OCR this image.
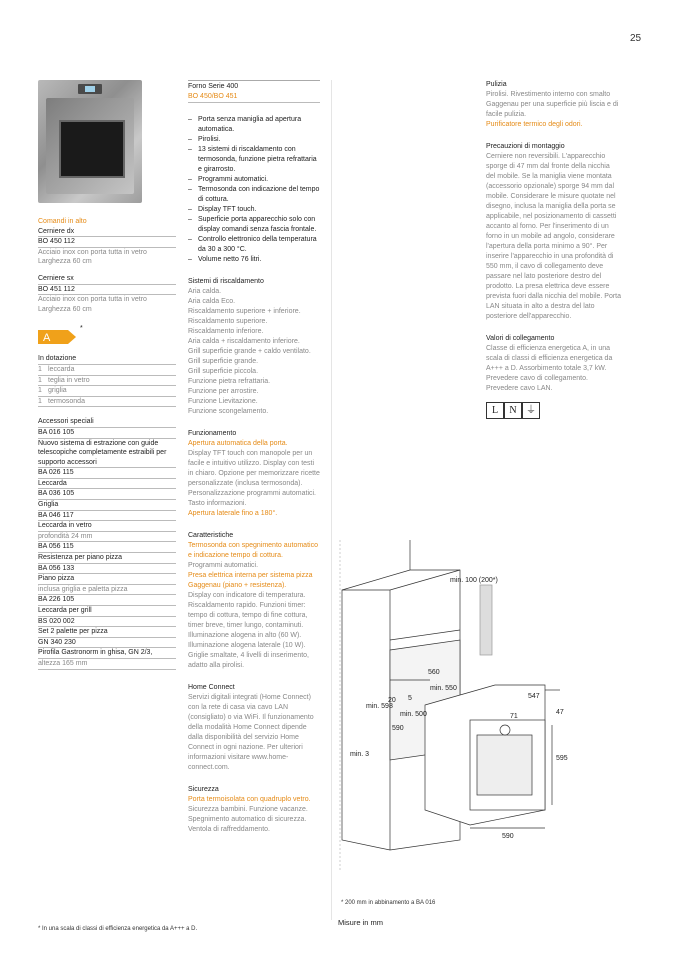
25
Comandi in alto
Cerniere dx
BO 450 112
Acciaio inox con porta tutta in vetro
Larghezza 60 cm
Cerniere sx
BO 451 112
Acciaio inox con porta tutta in vetro
Larghezza 60 cm
A
*
In dotazione
1 leccarda
1 teglia in vetro
1 griglia
1 termosonda
Accessori speciali
BA 016 105
Nuovo sistema di estrazione con guide telescopiche completamente estraibili per supporto accessori
BA 026 115
Leccarda
BA 036 105
Griglia
BA 046 117
Leccarda in vetro
profondità 24 mm
BA 056 115
Resistenza per piano pizza
BA 056 133
Piano pizza
inclusa griglia e paletta pizza
BA 226 105
Leccarda per grill
BS 020 002
Set 2 palette per pizza
GN 340 230
Pirofila Gastronorm in ghisa, GN 2/3,
altezza 165 mm
Forno Serie 400
BO 450/BO 451
– Porta senza maniglia ad apertura automatica.
– Pirolisi.
– 13 sistemi di riscaldamento con termosonda, funzione pietra refrattaria e girarrosto.
– Programmi automatici.
– Termosonda con indicazione del tempo di cottura.
– Display TFT touch.
– Superficie porta apparecchio solo con display comandi senza fascia frontale.
– Controllo elettronico della temperatura da 30 a 300 °C.
– Volume netto 76 litri.
Sistemi di riscaldamento
Aria calda.
Aria calda Eco.
Riscaldamento superiore + inferiore.
Riscaldamento superiore.
Riscaldamento inferiore.
Aria calda + riscaldamento inferiore.
Grill superficie grande + caldo ventilato.
Grill superficie grande.
Grill superficie piccola.
Funzione pietra refrattaria.
Funzione per arrostire.
Funzione Lievitazione.
Funzione scongelamento.
Funzionamento
Apertura automatica della porta.
Display TFT touch con manopole per un facile e intuitivo utilizzo. Display con testi in chiaro. Opzione per memorizzare ricette personalizzate (inclusa termosonda). Personalizzazione programmi automatici. Tasto informazioni.
Apertura laterale fino a 180°.
Caratteristiche
Termosonda con spegnimento automatico e indicazione tempo di cottura.
Programmi automatici.
Presa elettrica interna per sistema pizza Gaggenau (piano + resistenza).
Display con indicatore di temperatura. Riscaldamento rapido. Funzioni timer: tempo di cottura, tempo di fine cottura, timer breve, timer lungo, contaminuti. Illuminazione alogena in alto (60 W). Illuminazione alogena laterale (10 W). Griglie smaltate, 4 livelli di inserimento, adatto alla pirolisi.
Home Connect
Servizi digitali integrati (Home Connect) con la rete di casa via cavo LAN (consigliato) o via WiFi. Il funzionamento della modalità Home Connect dipende dalla disponibilità del servizio Home Connect in ogni nazione. Per ulteriori informazioni visitare www.home-connect.com.
Sicurezza
Porta termoisolata con quadruplo vetro.
Sicurezza bambini. Funzione vacanze. Spegnimento automatico di sicurezza. Ventola di raffreddamento.
Pulizia
Pirolisi. Rivestimento interno con smalto Gaggenau per una superficie più liscia e di facile pulizia.
Purificatore termico degli odori.
Precauzioni di montaggio
Cerniere non reversibili. L'apparecchio sporge di 47 mm dal fronte della nicchia del mobile. Se la maniglia viene montata (accessorio opzionale) sporge 94 mm dal mobile. Considerare le misure quotate nel disegno, inclusa la maniglia della porta se applicabile, nel posizionamento di cassetti accanto al forno. Per l'inserimento di un forno in un mobile ad angolo, considerare l'apertura della porta minimo a 90°. Per inserire l'apparecchio in una profondità di 550 mm, il cavo di collegamento deve passare nel lato posteriore destro del prodotto. La presa elettrica deve essere prevista fuori dalla nicchia del mobile. Porta LAN situata in alto a destra del lato posteriore dell'apparecchio.
Valori di collegamento
Classe di efficienza energetica A, in una scala di classi di efficienza energetica da A+++ a D. Assorbimento totale 3,7 kW. Prevedere cavo di collegamento. Prevedere cavo LAN.
L	N ⏚
min. 100 (200*)
560
min. 550
547
47
20 5
min. 598
min. 500	71
590
595
min. 3
590
* 200 mm in abbinamento a BA 016
Misure in mm
* In una scala di classi di efficienza energetica da A+++ a D.
